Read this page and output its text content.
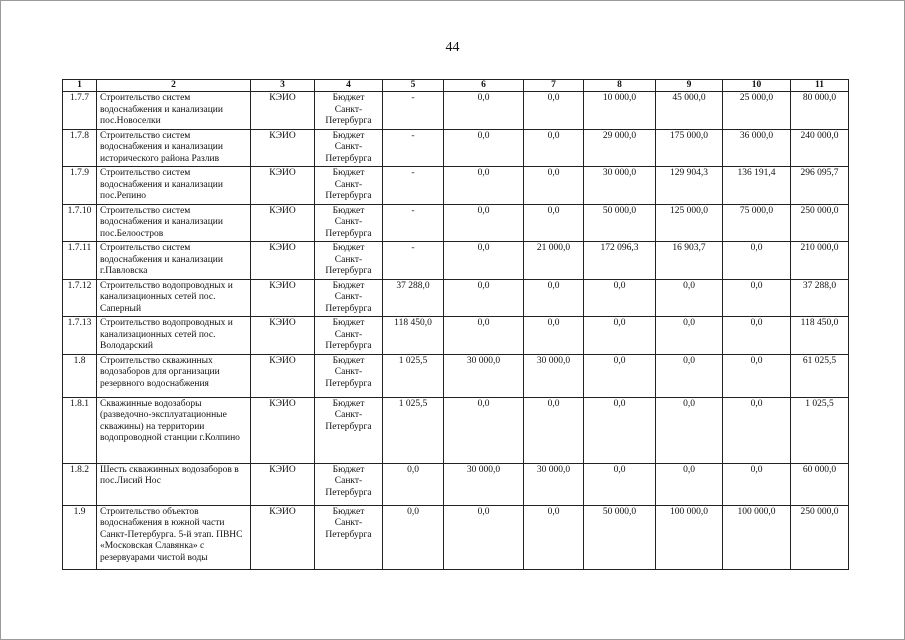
44
1	2	3	4	5	6	7	8	9	10	11
1.7.7	Строительство систем водоснабжения и канализации пос.Новоселки	КЭИО	Бюджет Санкт-Петербурга	-	0,0	0,0	10 000,0	45 000,0	25 000,0	80 000,0
1.7.8	Строительство систем водоснабжения и канализации исторического района Разлив	КЭИО	Бюджет Санкт-Петербурга	-	0,0	0,0	29 000,0	175 000,0	36 000,0	240 000,0
1.7.9	Строительство систем водоснабжения и канализации пос.Репино	КЭИО	Бюджет Санкт-Петербурга	-	0,0	0,0	30 000,0	129 904,3	136 191,4	296 095,7
1.7.10	Строительство систем водоснабжения и канализации пос.Белоостров	КЭИО	Бюджет Санкт-Петербурга	-	0,0	0,0	50 000,0	125 000,0	75 000,0	250 000,0
1.7.11	Строительство систем водоснабжения и канализации г.Павловска	КЭИО	Бюджет Санкт-Петербурга	-	0,0	21 000,0	172 096,3	16 903,7	0,0	210 000,0
1.7.12	Строительство водопроводных и канализационных сетей пос. Саперный	КЭИО	Бюджет Санкт-Петербурга	37 288,0	0,0	0,0	0,0	0,0	0,0	37 288,0
1.7.13	Строительство водопроводных и канализационных сетей пос. Володарский	КЭИО	Бюджет Санкт-Петербурга	118 450,0	0,0	0,0	0,0	0,0	0,0	118 450,0
1.8	Строительство скважинных водозаборов для организации резервного водоснабжения	КЭИО	Бюджет Санкт-Петербурга	1 025,5	30 000,0	30 000,0	0,0	0,0	0,0	61 025,5
1.8.1	Скважинные водозаборы (разведочно-эксплуатационные скважины) на территории водопроводной станции г.Колпино	КЭИО	Бюджет Санкт-Петербурга	1 025,5	0,0	0,0	0,0	0,0	0,0	1 025,5
1.8.2	Шесть скважинных водозаборов в пос.Лисий Нос	КЭИО	Бюджет Санкт-Петербурга	0,0	30 000,0	30 000,0	0,0	0,0	0,0	60 000,0
1.9	Строительство объектов водоснабжения в южной части Санкт-Петербурга. 5-й этап. ПВНС «Московская Славянка» с резервуарами чистой воды	КЭИО	Бюджет Санкт-Петербурга	0,0	0,0	0,0	50 000,0	100 000,0	100 000,0	250 000,0
